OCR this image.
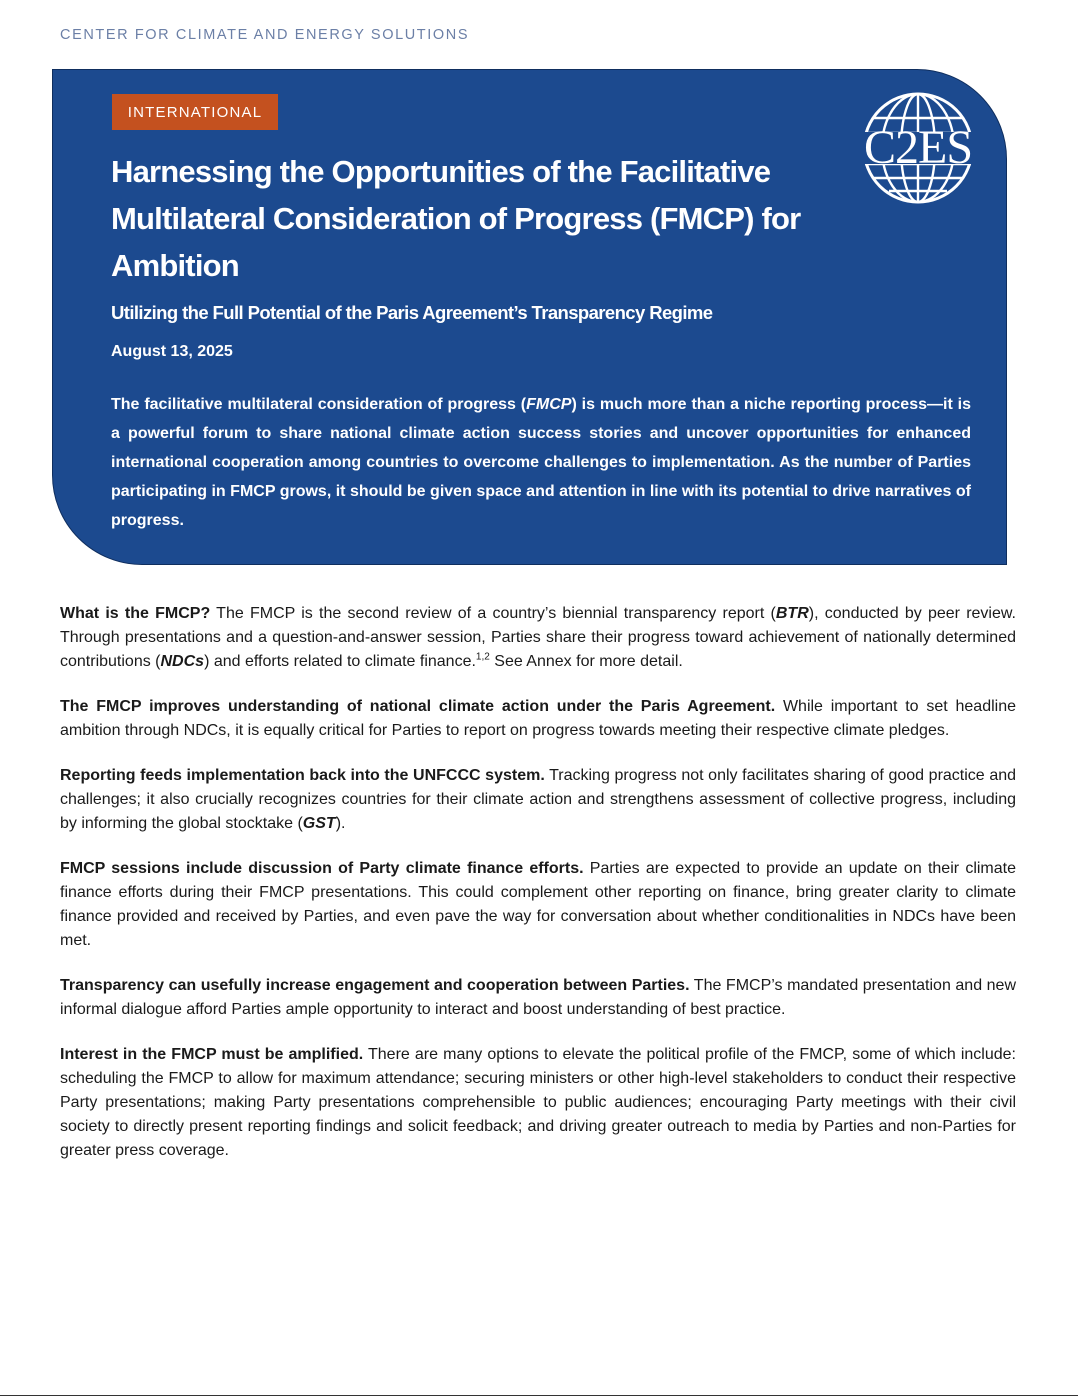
CENTER FOR CLIMATE AND ENERGY SOLUTIONS
INTERNATIONAL
C2ES
Harnessing the Opportunities of the Facilitative Multilateral Consideration of Progress (FMCP) for Ambition
Utilizing the Full Potential of the Paris Agreement’s Transparency Regime
August 13, 2025
The facilitative multilateral consideration of progress (FMCP) is much more than a niche reporting process—it is a powerful forum to share national climate action success stories and uncover opportunities for enhanced international cooperation among countries to overcome challenges to implementation. As the number of Parties participating in FMCP grows, it should be given space and attention in line with its potential to drive narratives of progress.

What is the FMCP? The FMCP is the second review of a country’s biennial transparency report (BTR), conducted by peer review. Through presentations and a question-and-answer session, Parties share their progress toward achievement of nationally determined contributions (NDCs) and efforts related to climate finance.$^{1,2}$ See Annex for more detail.

The FMCP improves understanding of national climate action under the Paris Agreement. While important to set headline ambition through NDCs, it is equally critical for Parties to report on progress towards meeting their respective climate pledges.

Reporting feeds implementation back into the UNFCCC system. Tracking progress not only facilitates sharing of good practice and challenges; it also crucially recognizes countries for their climate action and strengthens assessment of collective progress, including by informing the global stocktake (GST).

FMCP sessions include discussion of Party climate finance efforts. Parties are expected to provide an update on their climate finance efforts during their FMCP presentations. This could complement other reporting on finance, bring greater clarity to climate finance provided and received by Parties, and even pave the way for conversation about whether conditionalities in NDCs have been met.

Transparency can usefully increase engagement and cooperation between Parties. The FMCP’s mandated presentation and new informal dialogue afford Parties ample opportunity to interact and boost understanding of best practice.

Interest in the FMCP must be amplified. There are many options to elevate the political profile of the FMCP, some of which include: scheduling the FMCP to allow for maximum attendance; securing ministers or other high-level stakeholders to conduct their respective Party presentations; making Party presentations comprehensible to public audiences; encouraging Party meetings with their civil society to directly present reporting findings and solicit feedback; and driving greater outreach to media by Parties and non-Parties for greater press coverage.
